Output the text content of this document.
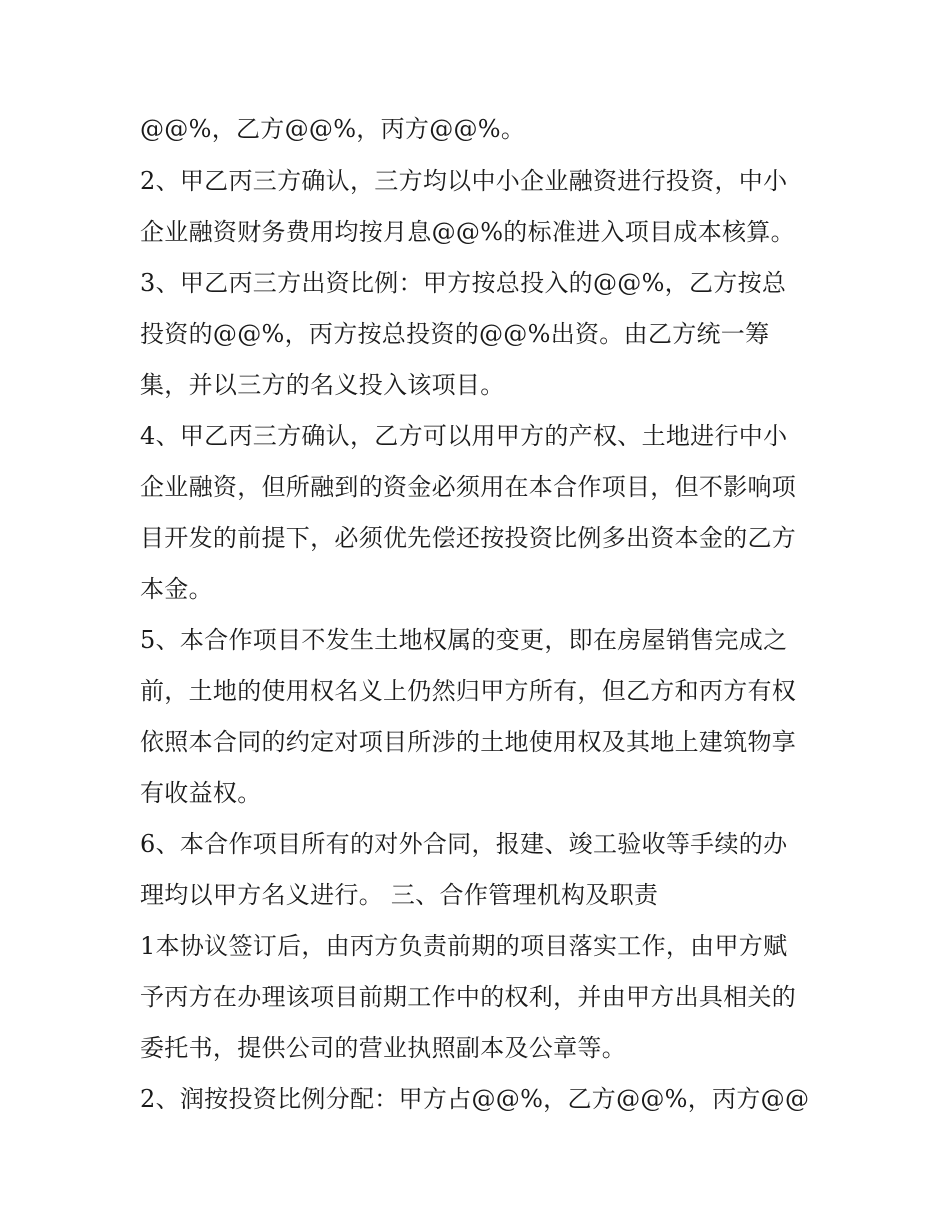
@@%，乙方@@%，丙方@@%。

2、甲乙丙三方确认，三方均以中小企业融资进行投资，中小

企业融资财务费用均按月息@@%的标准进入项目成本核算。

3、甲乙丙三方出资比例：甲方按总投入的@@%，乙方按总

投资的@@%，丙方按总投资的@@%出资。由乙方统一筹

集，并以三方的名义投入该项目。

4、甲乙丙三方确认，乙方可以用甲方的产权、土地进行中小

企业融资，但所融到的资金必须用在本合作项目，但不影响项

目开发的前提下，必须优先偿还按投资比例多出资本金的乙方

本金。

5、本合作项目不发生土地权属的变更，即在房屋销售完成之

前，土地的使用权名义上仍然归甲方所有，但乙方和丙方有权

依照本合同的约定对项目所涉的土地使用权及其地上建筑物享

有收益权。

6、本合作项目所有的对外合同，报建、竣工验收等手续的办

理均以甲方名义进行。 三、合作管理机构及职责

1本协议签订后，由丙方负责前期的项目落实工作，由甲方赋

予丙方在办理该项目前期工作中的权利，并由甲方出具相关的

委托书，提供公司的营业执照副本及公章等。

2、润按投资比例分配：甲方占@@%，乙方@@%，丙方@@
